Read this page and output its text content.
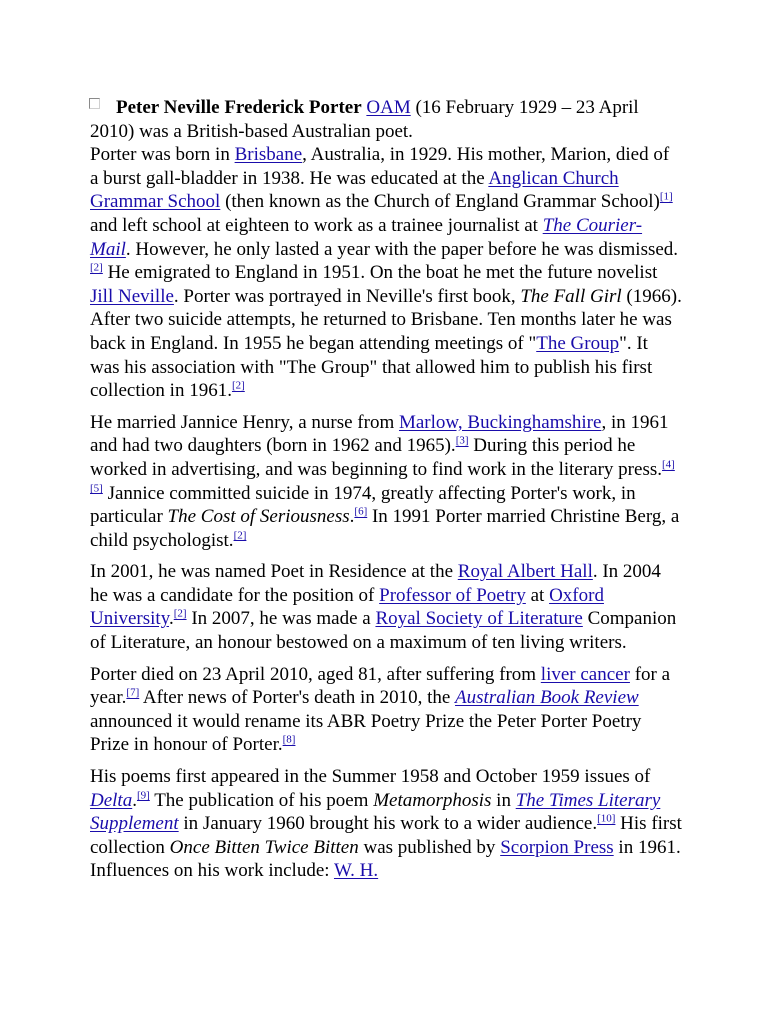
Peter Neville Frederick Porter OAM (16 February 1929 – 23 April 2010) was a British-based Australian poet.

Porter was born in Brisbane, Australia, in 1929. His mother, Marion, died of a burst gall-bladder in 1938. He was educated at the Anglican Church Grammar School (then known as the Church of England Grammar School)[1] and left school at eighteen to work as a trainee journalist at The Courier-Mail. However, he only lasted a year with the paper before he was dismissed.[2] He emigrated to England in 1951. On the boat he met the future novelist Jill Neville. Porter was portrayed in Neville's first book, The Fall Girl (1966). After two suicide attempts, he returned to Brisbane. Ten months later he was back in England. In 1955 he began attending meetings of "The Group". It was his association with "The Group" that allowed him to publish his first collection in 1961.[2]

He married Jannice Henry, a nurse from Marlow, Buckinghamshire, in 1961 and had two daughters (born in 1962 and 1965).[3] During this period he worked in advertising, and was beginning to find work in the literary press.[4][5] Jannice committed suicide in 1974, greatly affecting Porter's work, in particular The Cost of Seriousness.[6] In 1991 Porter married Christine Berg, a child psychologist.[2]

In 2001, he was named Poet in Residence at the Royal Albert Hall. In 2004 he was a candidate for the position of Professor of Poetry at Oxford University.[2] In 2007, he was made a Royal Society of Literature Companion of Literature, an honour bestowed on a maximum of ten living writers.

Porter died on 23 April 2010, aged 81, after suffering from liver cancer for a year.[7] After news of Porter's death in 2010, the Australian Book Review announced it would rename its ABR Poetry Prize the Peter Porter Poetry Prize in honour of Porter.[8]

His poems first appeared in the Summer 1958 and October 1959 issues of Delta.[9] The publication of his poem Metamorphosis in The Times Literary Supplement in January 1960 brought his work to a wider audience.[10] His first collection Once Bitten Twice Bitten was published by Scorpion Press in 1961. Influences on his work include: W. H.
